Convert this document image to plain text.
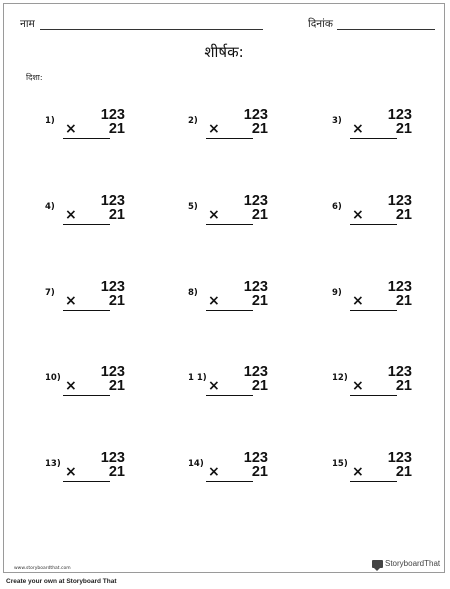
नाम	दिनांक
शीर्षक:
दिशा:
1)	123
×	21	2)	123
×	21	3)	123
×	21
4)	123
×	21	5)	123
×	21	6)	123
×	21
7)	123
×	21	8)	123
×	21	9)	123
×	21
10)	123
×	21	1 1)	123
×	21	12)	123
×	21
13)	123
×	21	14)	123
×	21	15)	123
×	21
www.storyboardthat.com
StoryboardThat
Create your own at Storyboard That
